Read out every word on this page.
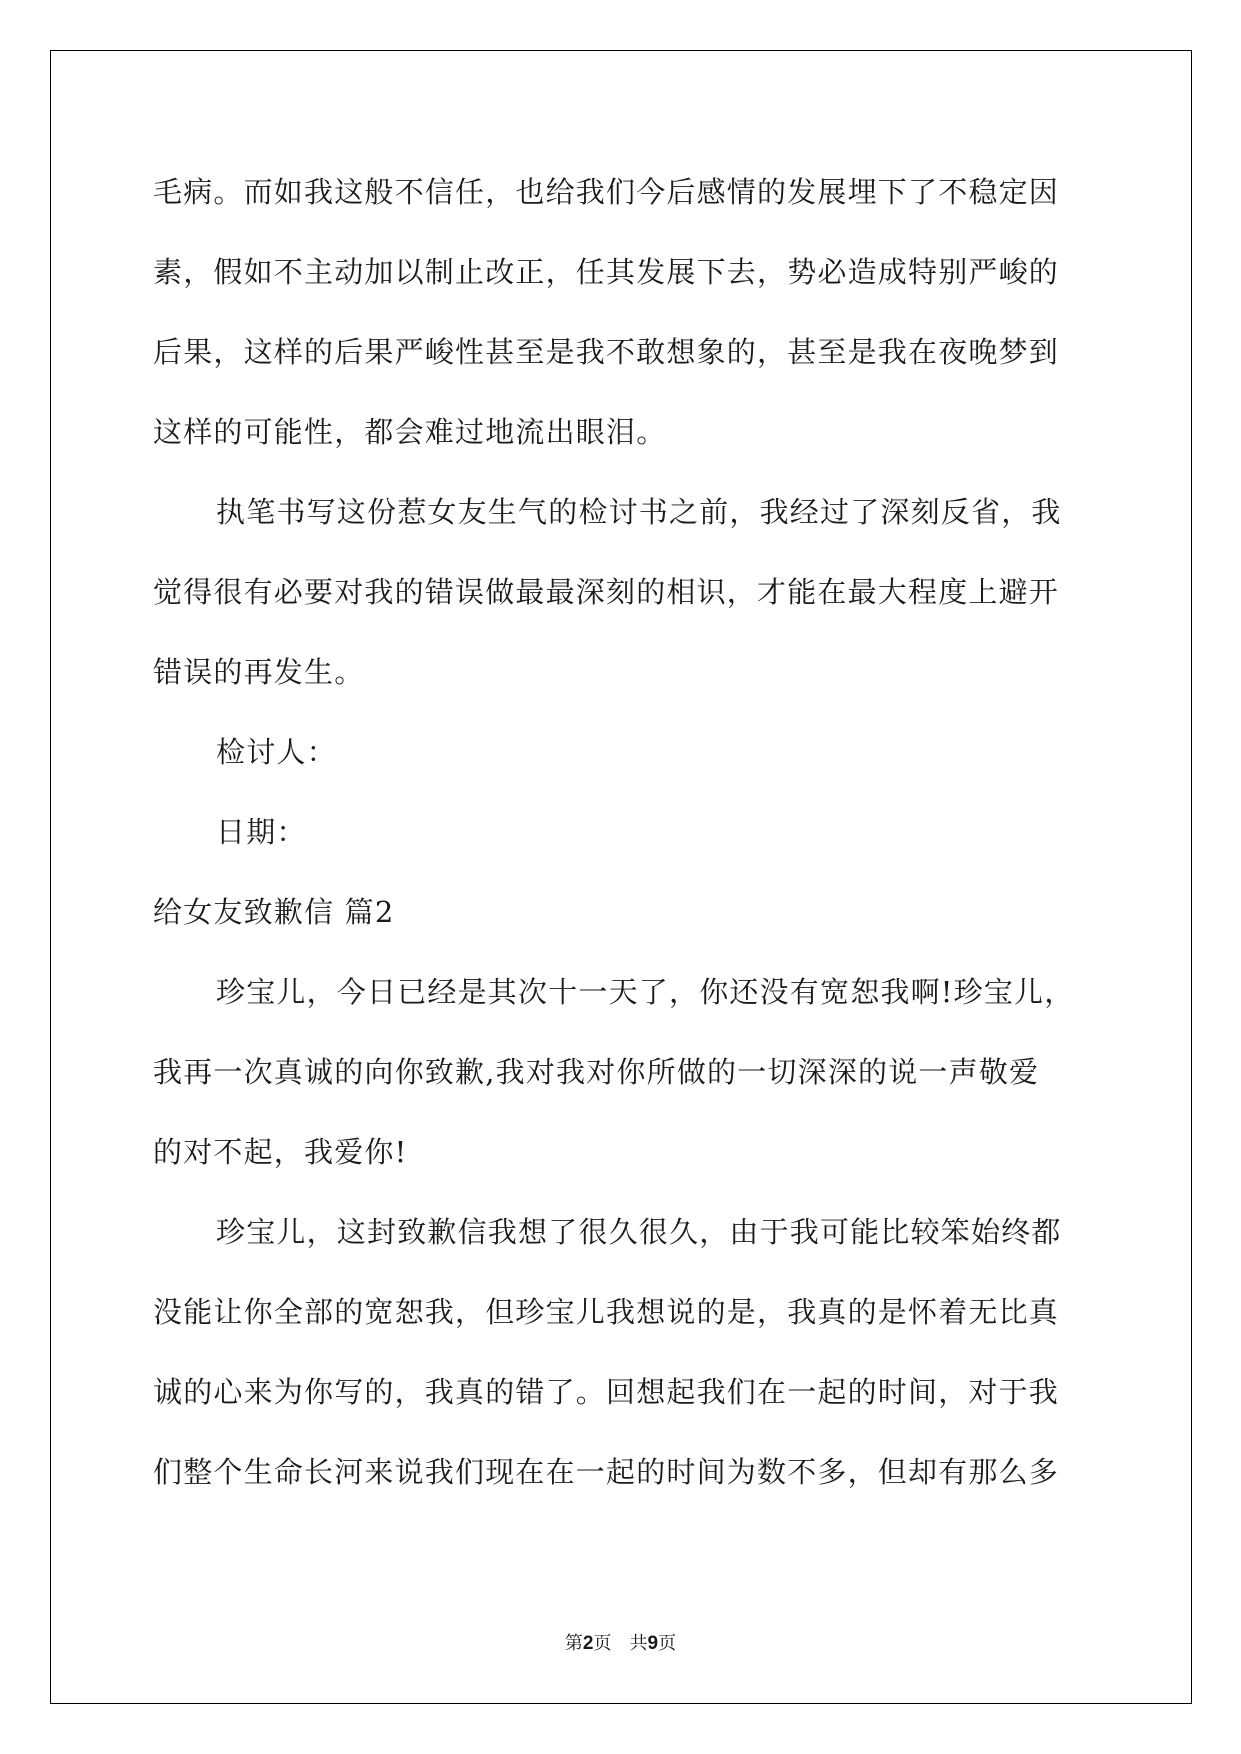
毛病。而如我这般不信任，也给我们今后感情的发展埋下了不稳定因
素，假如不主动加以制止改正，任其发展下去，势必造成特别严峻的
后果，这样的后果严峻性甚至是我不敢想象的，甚至是我在夜晚梦到
这样的可能性，都会难过地流出眼泪。
执笔书写这份惹女友生气的检讨书之前，我经过了深刻反省，我
觉得很有必要对我的错误做最最深刻的相识，才能在最大程度上避开
错误的再发生。
检讨人：
日期：
给女友致歉信 篇2
珍宝儿，今日已经是其次十一天了，你还没有宽恕我啊!珍宝儿，
我再一次真诚的向你致歉,我对我对你所做的一切深深的说一声敬爱
的对不起，我爱你!
珍宝儿，这封致歉信我想了很久很久，由于我可能比较笨始终都
没能让你全部的宽恕我，但珍宝儿我想说的是，我真的是怀着无比真
诚的心来为你写的，我真的错了。回想起我们在一起的时间，对于我
们整个生命长河来说我们现在在一起的时间为数不多，但却有那么多
第2页 共9页
